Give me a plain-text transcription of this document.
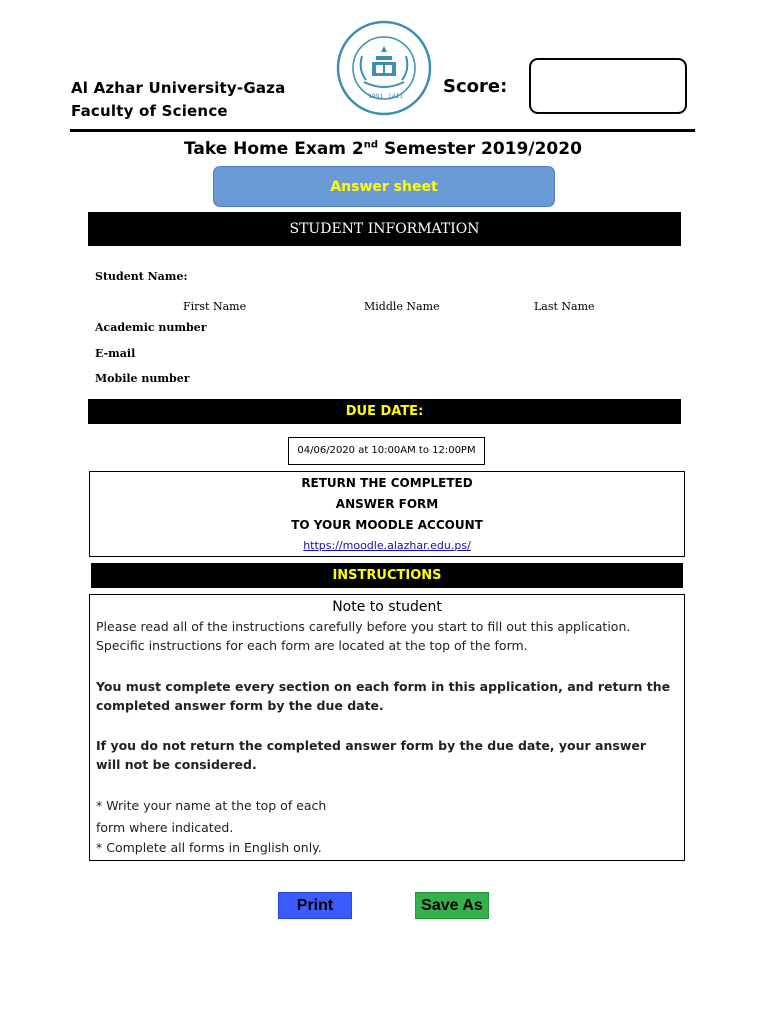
Al Azhar University-Gaza
Faculty of Science
1991 1411 Score:
Take Home Exam 2nd Semester 2019/2020
Answer sheet
STUDENT INFORMATION
Student Name:
First Name	Middle Name	Last Name
Academic number
E-mail
Mobile number
DUE DATE:
04/06/2020 at 10:00AM to 12:00PM
RETURN THE COMPLETED
ANSWER FORM
TO YOUR MOODLE ACCOUNT
https://moodle.alazhar.edu.ps/
INSTRUCTIONS
Note to student
Please read all of the instructions carefully before you start to fill out this application. Specific instructions for each form are located at the top of the form.
You must complete every section on each form in this application, and return the completed answer form by the due date.
If you do not return the completed answer form by the due date, your answer will not be considered.
* Write your name at the top of each
form where indicated.
* Complete all forms in English only.
Print	Save As
